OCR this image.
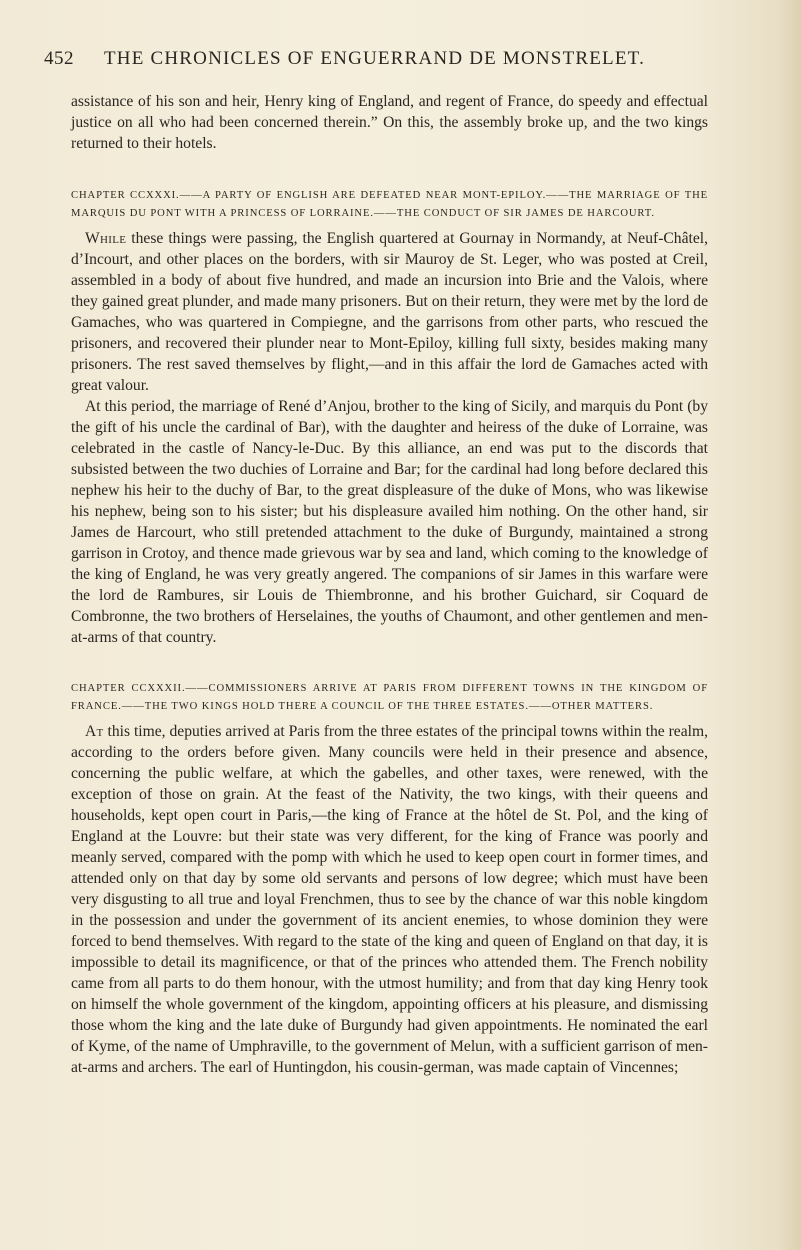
452 THE CHRONICLES OF ENGUERRAND DE MONSTRELET.

assistance of his son and heir, Henry king of England, and regent of France, do speedy and effectual justice on all who had been concerned therein.” On this, the assembly broke up, and the two kings returned to their hotels.

CHAPTER CCXXXI.——A PARTY OF ENGLISH ARE DEFEATED NEAR MONT-EPILOY.——THE MARRIAGE OF THE MARQUIS DU PONT WITH A PRINCESS OF LORRAINE.——THE CONDUCT OF SIR JAMES DE HARCOURT.

While these things were passing, the English quartered at Gournay in Normandy, at Neuf-Châtel, d’Incourt, and other places on the borders, with sir Mauroy de St. Leger, who was posted at Creil, assembled in a body of about five hundred, and made an incursion into Brie and the Valois, where they gained great plunder, and made many prisoners. But on their return, they were met by the lord de Gamaches, who was quartered in Compiegne, and the garrisons from other parts, who rescued the prisoners, and recovered their plunder near to Mont-Epiloy, killing full sixty, besides making many prisoners. The rest saved themselves by flight,—and in this affair the lord de Gamaches acted with great valour.

At this period, the marriage of René d’Anjou, brother to the king of Sicily, and marquis du Pont (by the gift of his uncle the cardinal of Bar), with the daughter and heiress of the duke of Lorraine, was celebrated in the castle of Nancy-le-Duc. By this alliance, an end was put to the discords that subsisted between the two duchies of Lorraine and Bar; for the cardinal had long before declared this nephew his heir to the duchy of Bar, to the great displeasure of the duke of Mons, who was likewise his nephew, being son to his sister; but his displeasure availed him nothing. On the other hand, sir James de Harcourt, who still pretended attachment to the duke of Burgundy, maintained a strong garrison in Crotoy, and thence made grievous war by sea and land, which coming to the knowledge of the king of England, he was very greatly angered. The companions of sir James in this warfare were the lord de Rambures, sir Louis de Thiembronne, and his brother Guichard, sir Coquard de Combronne, the two brothers of Herselaines, the youths of Chaumont, and other gentlemen and men-at-arms of that country.

CHAPTER CCXXXII.——COMMISSIONERS ARRIVE AT PARIS FROM DIFFERENT TOWNS IN THE KINGDOM OF FRANCE.——THE TWO KINGS HOLD THERE A COUNCIL OF THE THREE ESTATES.——OTHER MATTERS.

At this time, deputies arrived at Paris from the three estates of the principal towns within the realm, according to the orders before given. Many councils were held in their presence and absence, concerning the public welfare, at which the gabelles, and other taxes, were renewed, with the exception of those on grain. At the feast of the Nativity, the two kings, with their queens and households, kept open court in Paris,—the king of France at the hôtel de St. Pol, and the king of England at the Louvre: but their state was very different, for the king of France was poorly and meanly served, compared with the pomp with which he used to keep open court in former times, and attended only on that day by some old servants and persons of low degree; which must have been very disgusting to all true and loyal Frenchmen, thus to see by the chance of war this noble kingdom in the possession and under the government of its ancient enemies, to whose dominion they were forced to bend themselves. With regard to the state of the king and queen of England on that day, it is impossible to detail its magnificence, or that of the princes who attended them. The French nobility came from all parts to do them honour, with the utmost humility; and from that day king Henry took on himself the whole government of the kingdom, appointing officers at his pleasure, and dismissing those whom the king and the late duke of Burgundy had given appointments. He nominated the earl of Kyme, of the name of Umphraville, to the government of Melun, with a sufficient garrison of men-at-arms and archers. The earl of Huntingdon, his cousin-german, was made captain of Vincennes;
